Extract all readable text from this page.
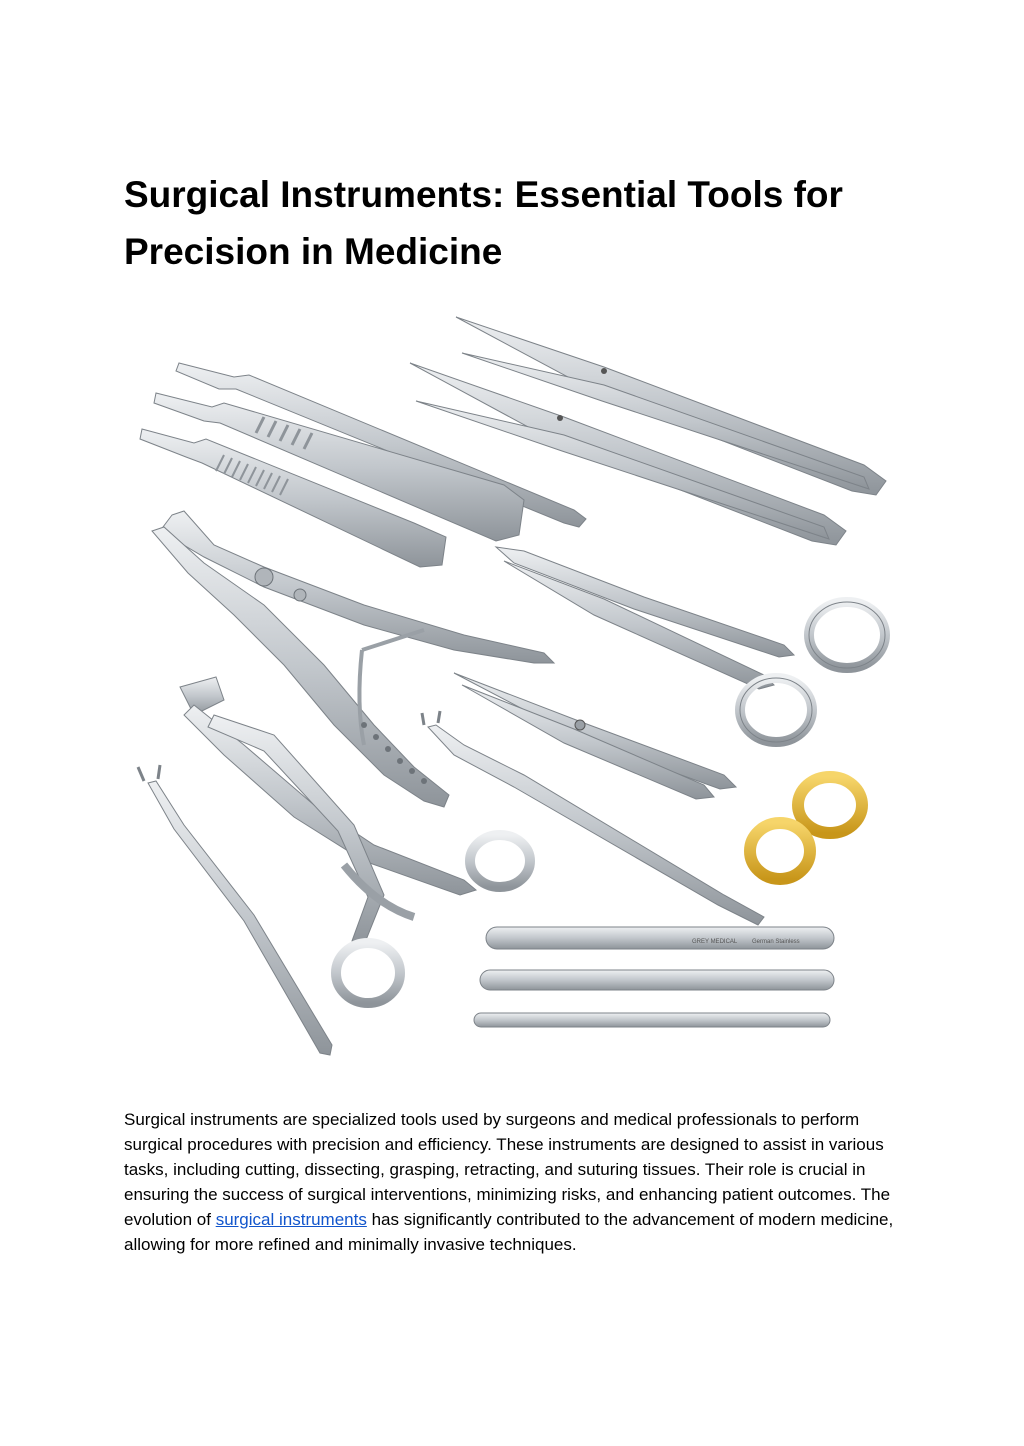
Surgical Instruments: Essential Tools for Precision in Medicine
GREY MEDICAL German Stainless

Surgical instruments are specialized tools used by surgeons and medical professionals to perform surgical procedures with precision and efficiency. These instruments are designed to assist in various tasks, including cutting, dissecting, grasping, retracting, and suturing tissues. Their role is crucial in ensuring the success of surgical interventions, minimizing risks, and enhancing patient outcomes. The evolution of surgical instruments has significantly contributed to the advancement of modern medicine, allowing for more refined and minimally invasive techniques.
